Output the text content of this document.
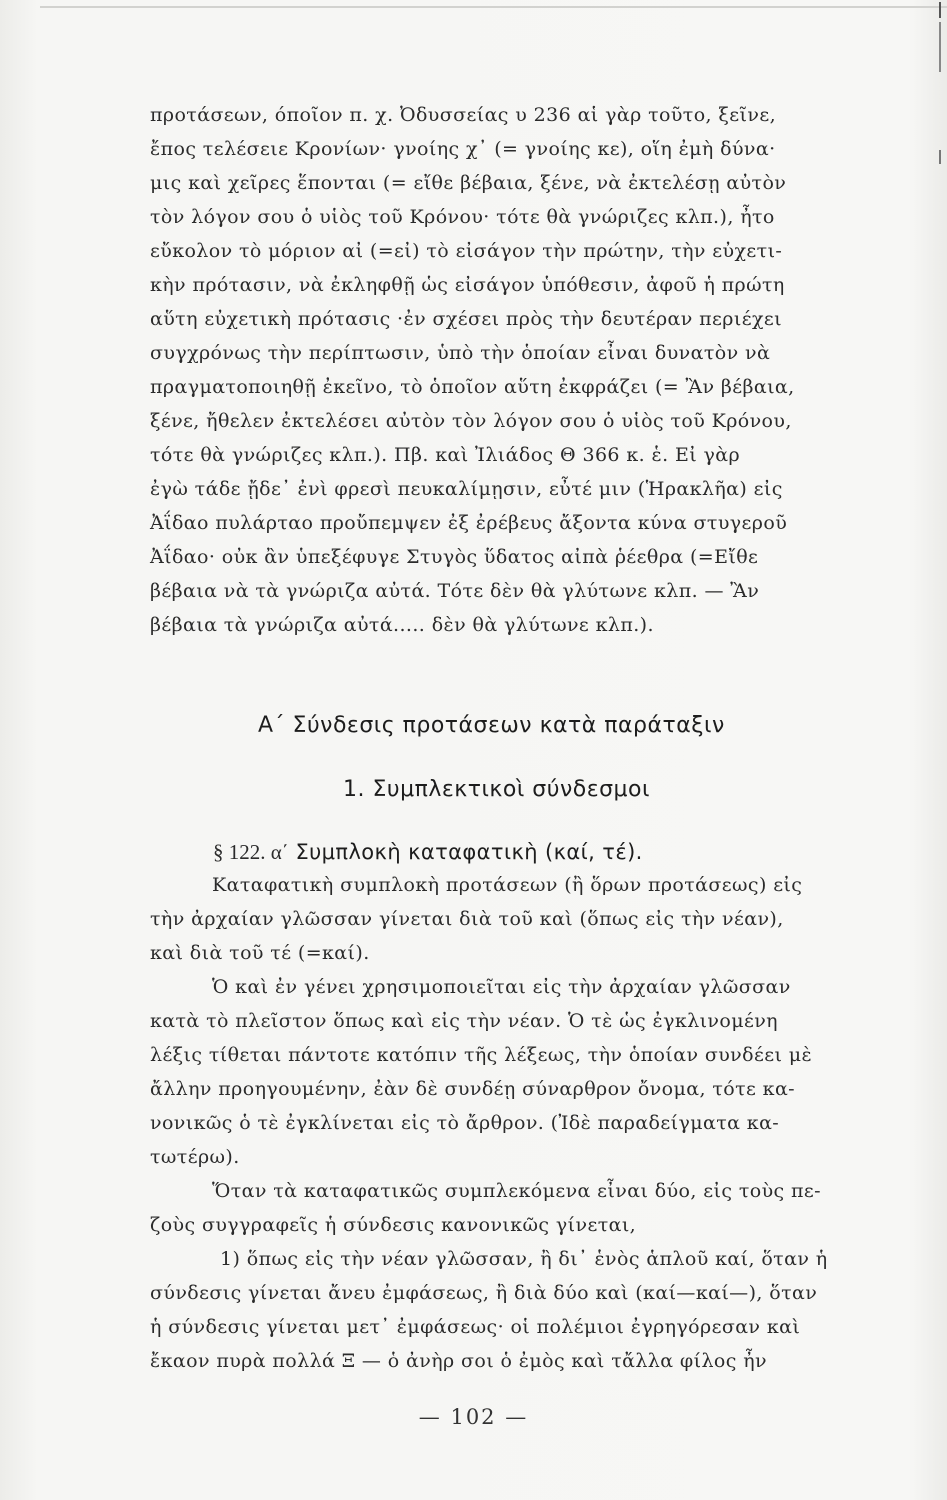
προτάσεων, όποῖον π. χ. Ὀδυσσείας υ 236 αἱ γὰρ τοῦτο, ξεῖνε,
ἔπος τελέσειε Κρονίων· γνοίης χ᾿ (= γνοίης κε), οἵη ἐμὴ δύνα·
μις καὶ χεῖρες ἕπονται (= εἴθε βέβαια, ξένε, νὰ ἐκτελέσῃ αὐτὸν
τὸν λόγον σου ὁ υἱὸς τοῦ Κρόνου· τότε θὰ γνώριζες κλπ.), ἦτο
εὔκολον τὸ μόριον αἰ (=εἰ) τὸ εἰσάγον τὴν πρώτην, τὴν εὐχετι-
κὴν πρότασιν, νὰ ἐκληφθῇ ὡς εἰσάγον ὑπόθεσιν, ἀφοῦ ἡ πρώτη
αὕτη εὐχετικὴ πρότασις ·ἐν σχέσει πρὸς τὴν δευτέραν περιέχει
συγχρόνως τὴν περίπτωσιν, ὑπὸ τὴν ὁποίαν εἶναι δυνατὸν νὰ
πραγματοποιηθῇ ἐκεῖνο, τὸ ὁποῖον αὕτη ἐκφράζει (= Ἂν βέβαια,
ξένε, ἤθελεν ἐκτελέσει αὐτὸν τὸν λόγον σου ὁ υἱὸς τοῦ Κρόνου,
τότε θὰ γνώριζες κλπ.). Πβ. καὶ Ἰλιάδος Θ 366 κ. ἑ. Εἰ γὰρ
ἐγὼ τάδε ᾔδε᾿ ἐνὶ φρεσὶ πευκαλίμῃσιν, εὖτέ μιν (Ἡρακλῆα) εἰς
Ἀΐδαο πυλάρταο προὔπεμψεν ἐξ ἐρέβευς ἄξοντα κύνα στυγεροῦ
Ἀΐδαο· οὐκ ἂν ὑπεξέφυγε Στυγὸς ὕδατος αἰπὰ ῥέεθρα (=Εἴθε
βέβαια νὰ τὰ γνώριζα αὐτά. Τότε δὲν θὰ γλύτωνε κλπ. — Ἂν
βέβαια τὰ γνώριζα αὐτά..... δὲν θὰ γλύτωνε κλπ.).
Α΄ Σύνδεσις προτάσεων κατὰ παράταξιν
1. Συμπλεκτικοὶ σύνδεσμοι
§ 122. α΄ Συμπλοκὴ καταφατικὴ (καί, τέ).
Καταφατικὴ συμπλοκὴ προτάσεων (ἢ ὅρων προτάσεως) εἰς
τὴν ἀρχαίαν γλῶσσαν γίνεται διὰ τοῦ καὶ (ὅπως εἰς τὴν νέαν),
καὶ διὰ τοῦ τέ (=καί).
Ὁ καὶ ἐν γένει χρησιμοποιεῖται εἰς τὴν ἀρχαίαν γλῶσσαν
κατὰ τὸ πλεῖστον ὅπως καὶ εἰς τὴν νέαν. Ὁ τὲ ὡς ἐγκλινομένη
λέξις τίθεται πάντοτε κατόπιν τῆς λέξεως, τὴν ὁποίαν συνδέει μὲ
ἄλλην προηγουμένην, ἐὰν δὲ συνδέῃ σύναρθρον ὄνομα, τότε κα-
νονικῶς ὁ τὲ ἐγκλίνεται εἰς τὸ ἄρθρον. (Ἰδὲ παραδείγματα κα-
τωτέρω).
Ὅταν τὰ καταφατικῶς συμπλεκόμενα εἶναι δύο, εἰς τοὺς πε-
ζοὺς συγγραφεῖς ἡ σύνδεσις κανονικῶς γίνεται,
1) ὅπως εἰς τὴν νέαν γλῶσσαν, ἢ δι᾿ ἑνὸς ἁπλοῦ καί, ὅταν ἡ
σύνδεσις γίνεται ἄνευ ἐμφάσεως, ἢ διὰ δύο καὶ (καί—καί—), ὅταν
ἡ σύνδεσις γίνεται μετ᾿ ἐμφάσεως· οἱ πολέμιοι ἐγρηγόρεσαν καὶ
ἔκαον πυρὰ πολλά Ξ — ὁ ἀνὴρ σοι ὁ ἐμὸς καὶ τἄλλα φίλος ἦν
— 102 —
